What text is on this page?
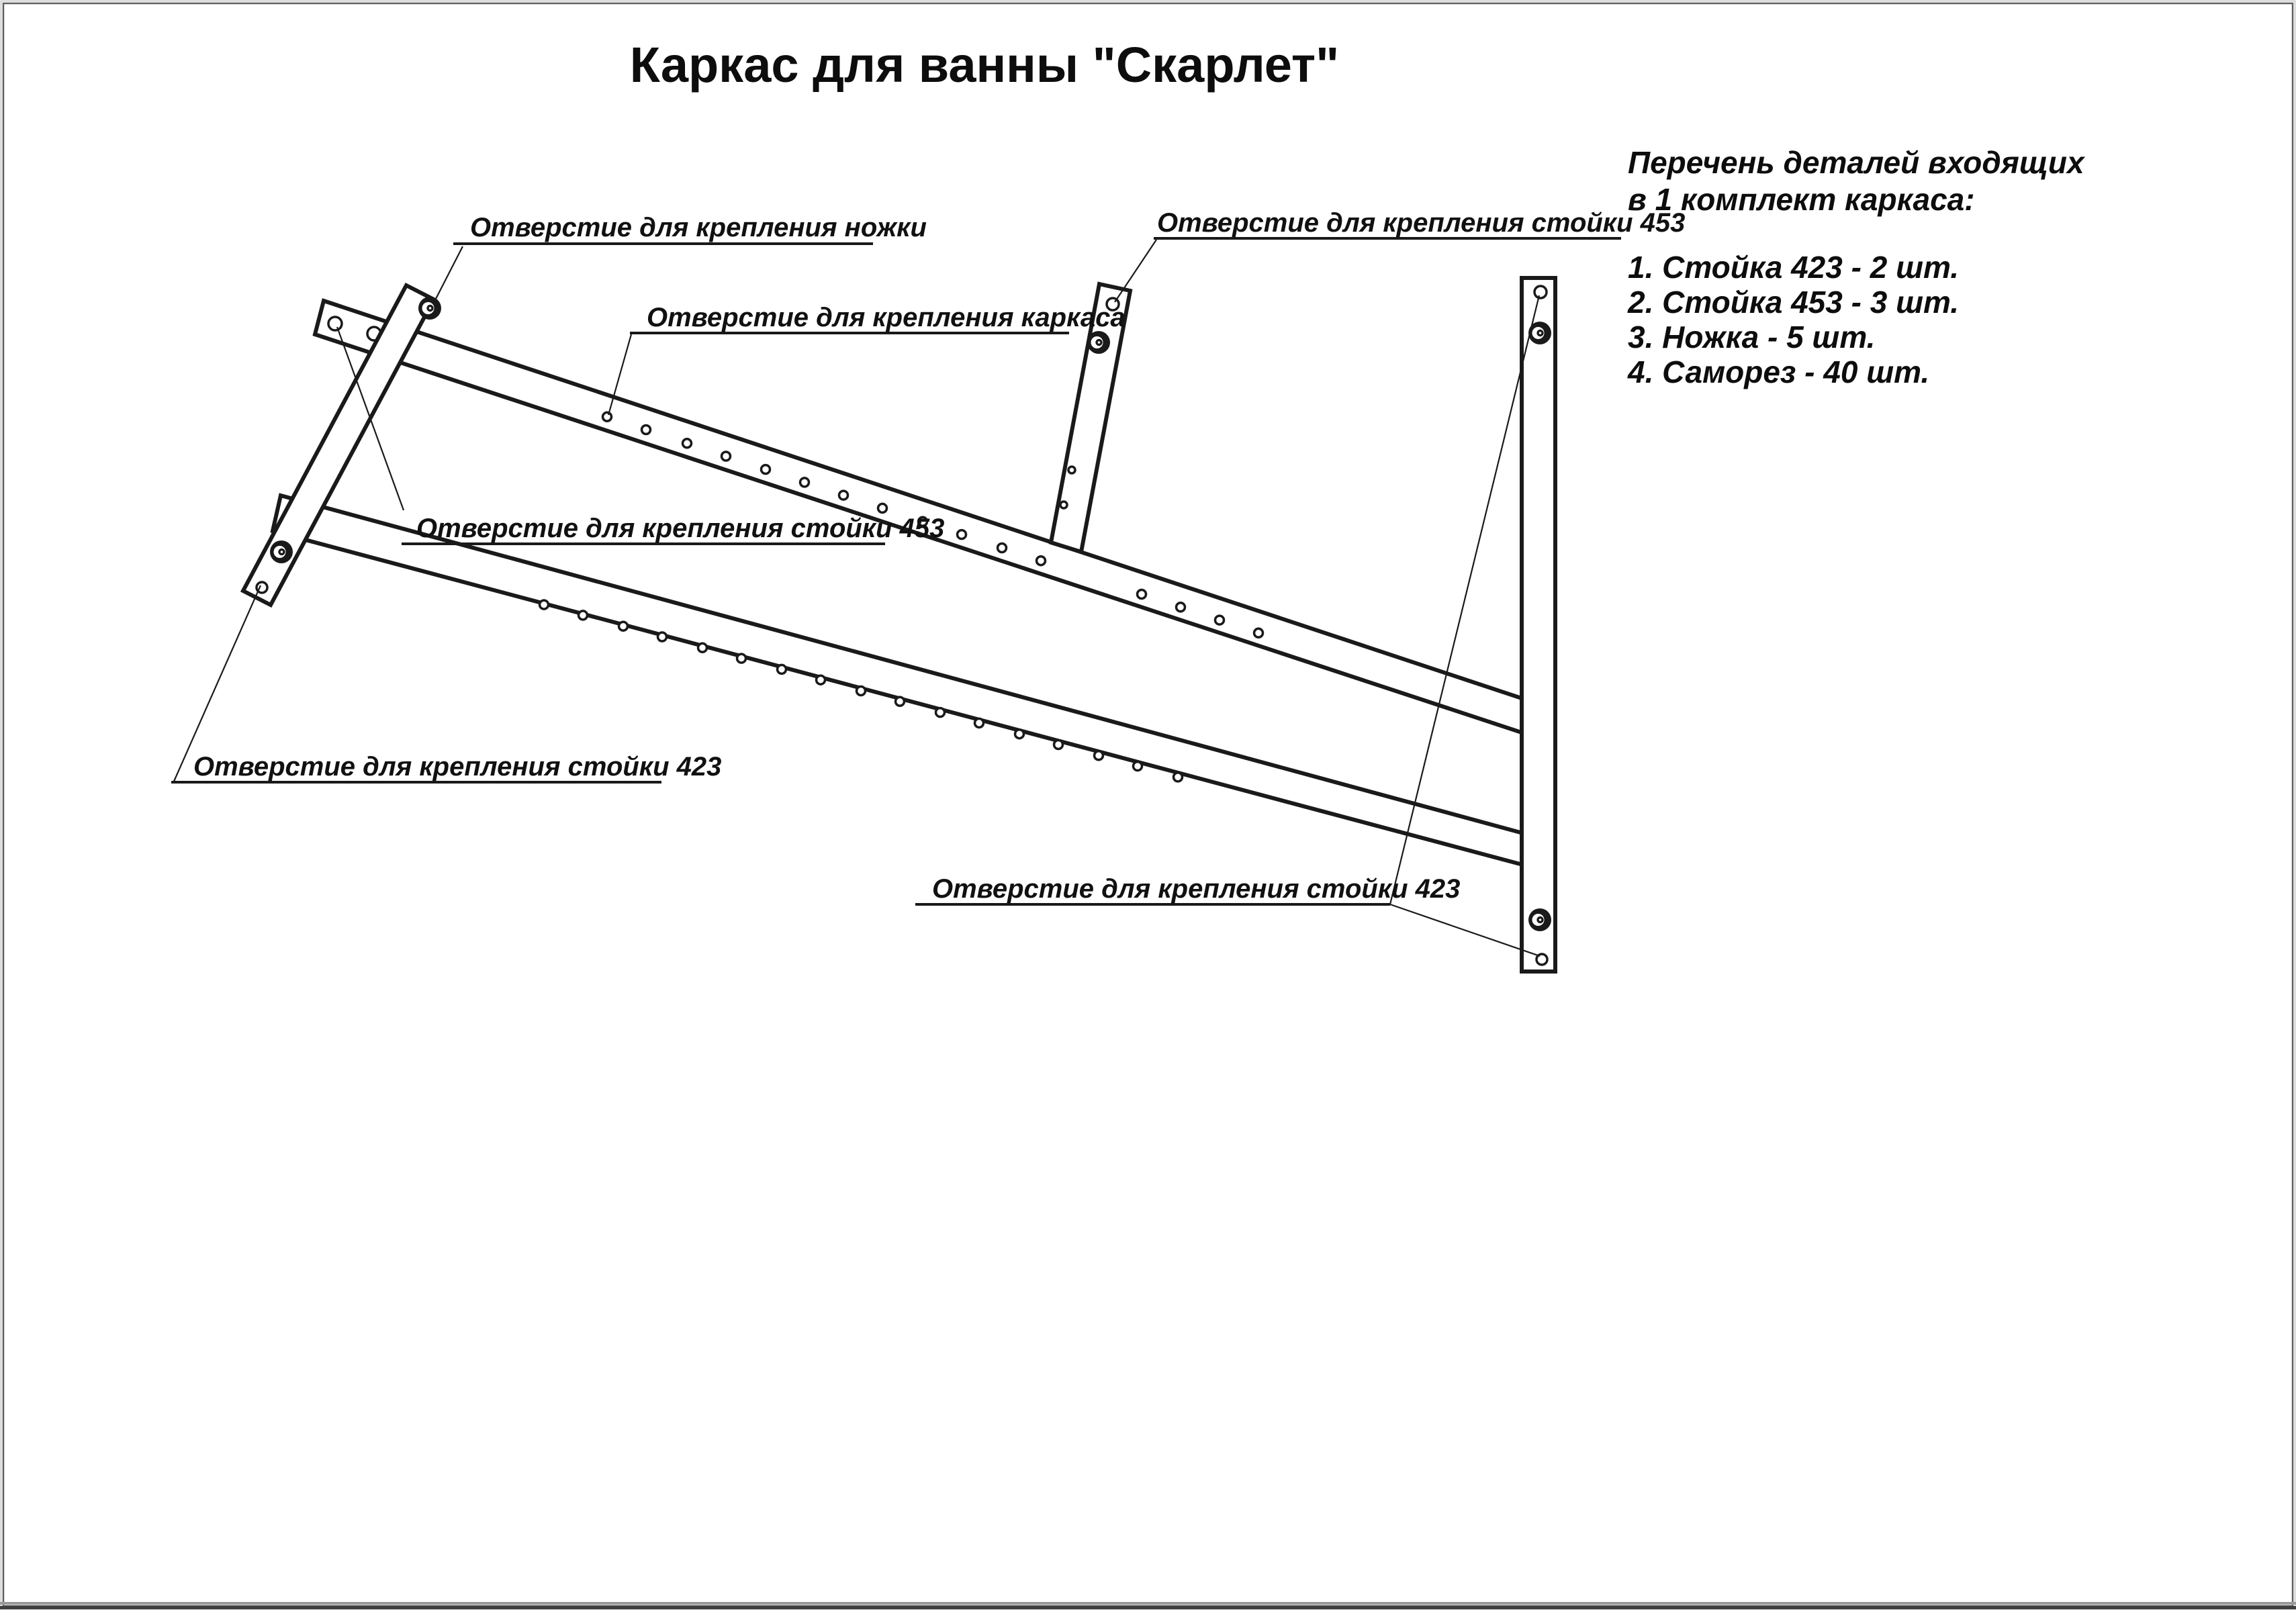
Каркас для ванны "Скарлет"
Отверстие для крепления ножки
Отверстие для крепления каркаса
Отверстие для крепления стойки 453
Отверстие для крепления стойки 453
Отверстие для крепления стойки 423
Отверстие для крепления стойки 423
Перечень деталей входящих
в 1 комплект каркаса:
1. Стойка 423 - 2 шт.
2. Стойка 453 - 3 шт.
3. Ножка - 5 шт.
4. Саморез - 40 шт.
